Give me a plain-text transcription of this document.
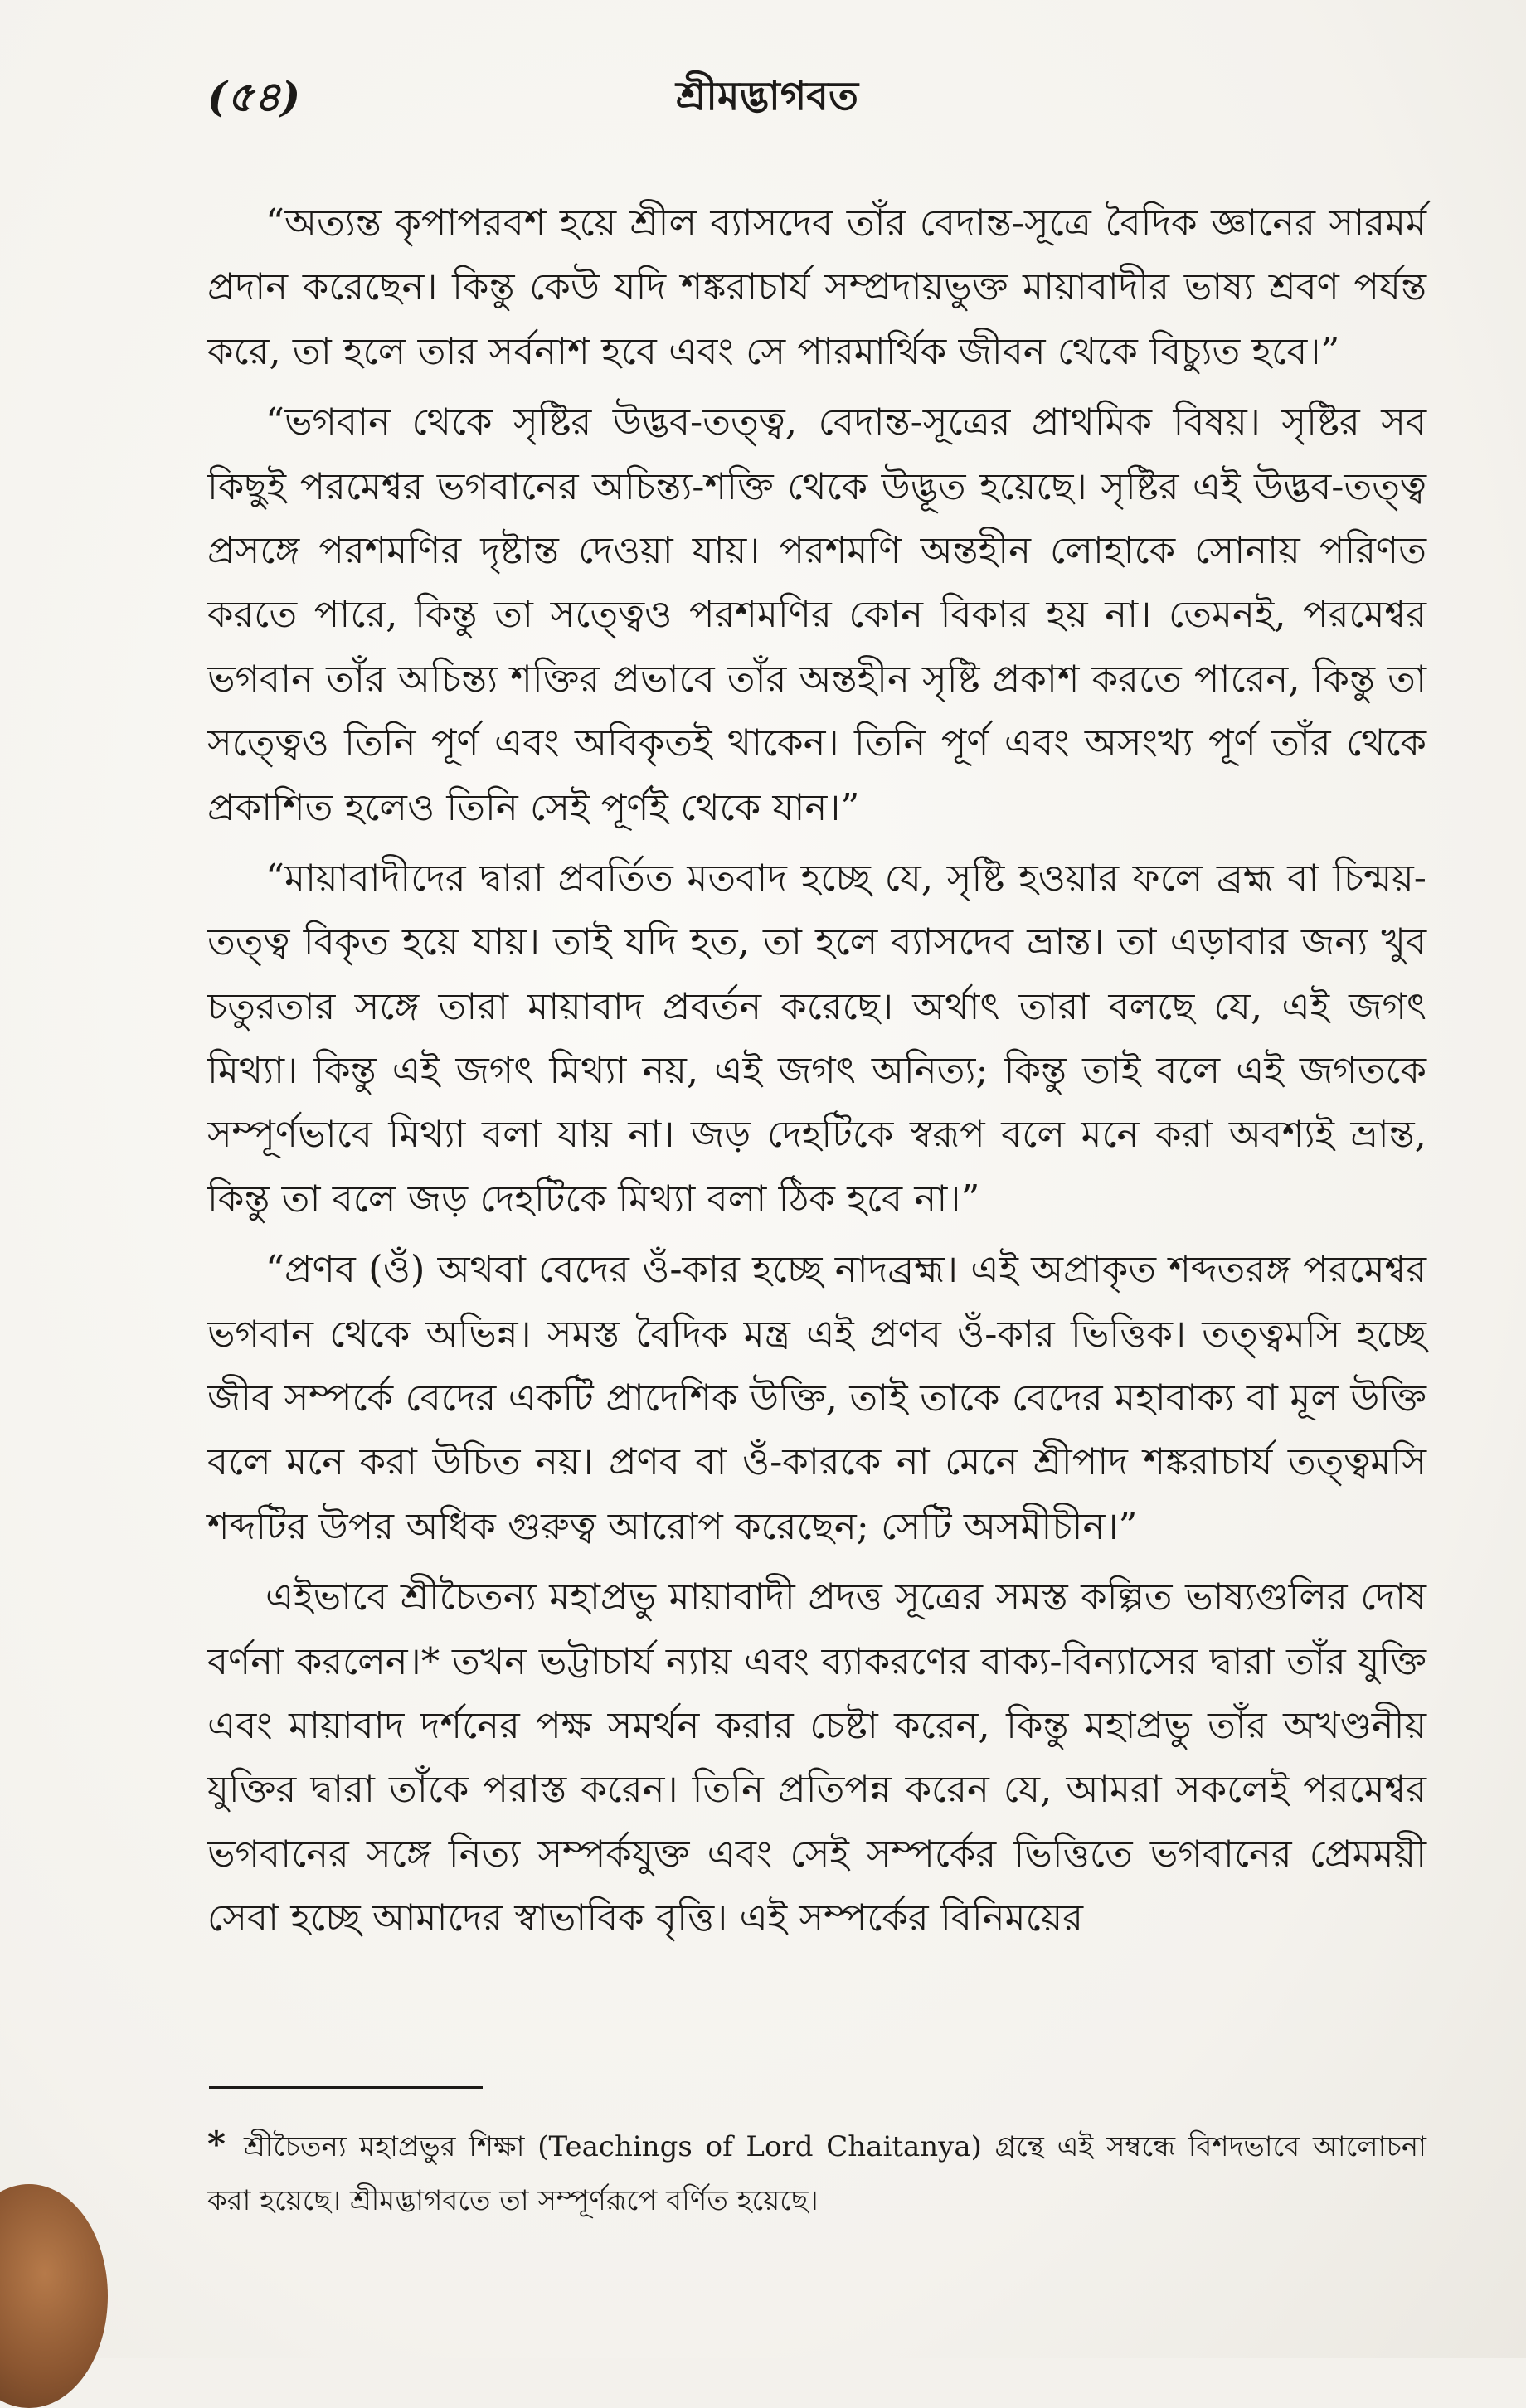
(৫৪)	শ্রীমদ্ভাগবত

“অত্যন্ত কৃপাপরবশ হয়ে শ্রীল ব্যাসদেব তাঁর বেদান্ত-সূত্রে বৈদিক জ্ঞানের সারমর্ম প্রদান করেছেন। কিন্তু কেউ যদি শঙ্করাচার্য সম্প্রদায়ভুক্ত মায়াবাদীর ভাষ্য শ্রবণ পর্যন্ত করে, তা হলে তার সর্বনাশ হবে এবং সে পারমার্থিক জীবন থেকে বিচ্যুত হবে।”

“ভগবান থেকে সৃষ্টির উদ্ভব-তত্ত্ব, বেদান্ত-সূত্রের প্রাথমিক বিষয়। সৃষ্টির সব কিছুই পরমেশ্বর ভগবানের অচিন্ত্য-শক্তি থেকে উদ্ভূত হয়েছে। সৃষ্টির এই উদ্ভব-তত্ত্ব প্রসঙ্গে পরশমণির দৃষ্টান্ত দেওয়া যায়। পরশমণি অন্তহীন লোহাকে সোনায় পরিণত করতে পারে, কিন্তু তা সত্ত্বেও পরশমণির কোন বিকার হয় না। তেমনই, পরমেশ্বর ভগবান তাঁর অচিন্ত্য শক্তির প্রভাবে তাঁর অন্তহীন সৃষ্টি প্রকাশ করতে পারেন, কিন্তু তা সত্ত্বেও তিনি পূর্ণ এবং অবিকৃতই থাকেন। তিনি পূর্ণ এবং অসংখ্য পূর্ণ তাঁর থেকে প্রকাশিত হলেও তিনি সেই পূর্ণই থেকে যান।”

“মায়াবাদীদের দ্বারা প্রবর্তিত মতবাদ হচ্ছে যে, সৃষ্টি হওয়ার ফলে ব্রহ্ম বা চিন্ময়-তত্ত্ব বিকৃত হয়ে যায়। তাই যদি হত, তা হলে ব্যাসদেব ভ্রান্ত। তা এড়াবার জন্য খুব চতুরতার সঙ্গে তারা মায়াবাদ প্রবর্তন করেছে। অর্থাৎ তারা বলছে যে, এই জগৎ মিথ্যা। কিন্তু এই জগৎ মিথ্যা নয়, এই জগৎ অনিত্য; কিন্তু তাই বলে এই জগতকে সম্পূর্ণভাবে মিথ্যা বলা যায় না। জড় দেহটিকে স্বরূপ বলে মনে করা অবশ্যই ভ্রান্ত, কিন্তু তা বলে জড় দেহটিকে মিথ্যা বলা ঠিক হবে না।”

“প্রণব (ওঁ) অথবা বেদের ওঁ-কার হচ্ছে নাদব্রহ্ম। এই অপ্রাকৃত শব্দতরঙ্গ পরমেশ্বর ভগবান থেকে অভিন্ন। সমস্ত বৈদিক মন্ত্র এই প্রণব ওঁ-কার ভিত্তিক। তত্ত্বমসি হচ্ছে জীব সম্পর্কে বেদের একটি প্রাদেশিক উক্তি, তাই তাকে বেদের মহাবাক্য বা মূল উক্তি বলে মনে করা উচিত নয়। প্রণব বা ওঁ-কারকে না মেনে শ্রীপাদ শঙ্করাচার্য তত্ত্বমসি শব্দটির উপর অধিক গুরুত্ব আরোপ করেছেন; সেটি অসমীচীন।”

এইভাবে শ্রীচৈতন্য মহাপ্রভু মায়াবাদী প্রদত্ত সূত্রের সমস্ত কল্পিত ভাষ্যগুলির দোষ বর্ণনা করলেন।* তখন ভট্টাচার্য ন্যায় এবং ব্যাকরণের বাক্য-বিন্যাসের দ্বারা তাঁর যুক্তি এবং মায়াবাদ দর্শনের পক্ষ সমর্থন করার চেষ্টা করেন, কিন্তু মহাপ্রভু তাঁর অখণ্ডনীয় যুক্তির দ্বারা তাঁকে পরাস্ত করেন। তিনি প্রতিপন্ন করেন যে, আমরা সকলেই পরমেশ্বর ভগবানের সঙ্গে নিত্য সম্পর্কযুক্ত এবং সেই সম্পর্কের ভিত্তিতে ভগবানের প্রেমময়ী সেবা হচ্ছে আমাদের স্বাভাবিক বৃত্তি। এই সম্পর্কের বিনিময়ের

* শ্রীচৈতন্য মহাপ্রভুর শিক্ষা (Teachings of Lord Chaitanya) গ্রন্থে এই সম্বন্ধে বিশদভাবে আলোচনা করা হয়েছে। শ্রীমদ্ভাগবতে তা সম্পূর্ণরূপে বর্ণিত হয়েছে।
